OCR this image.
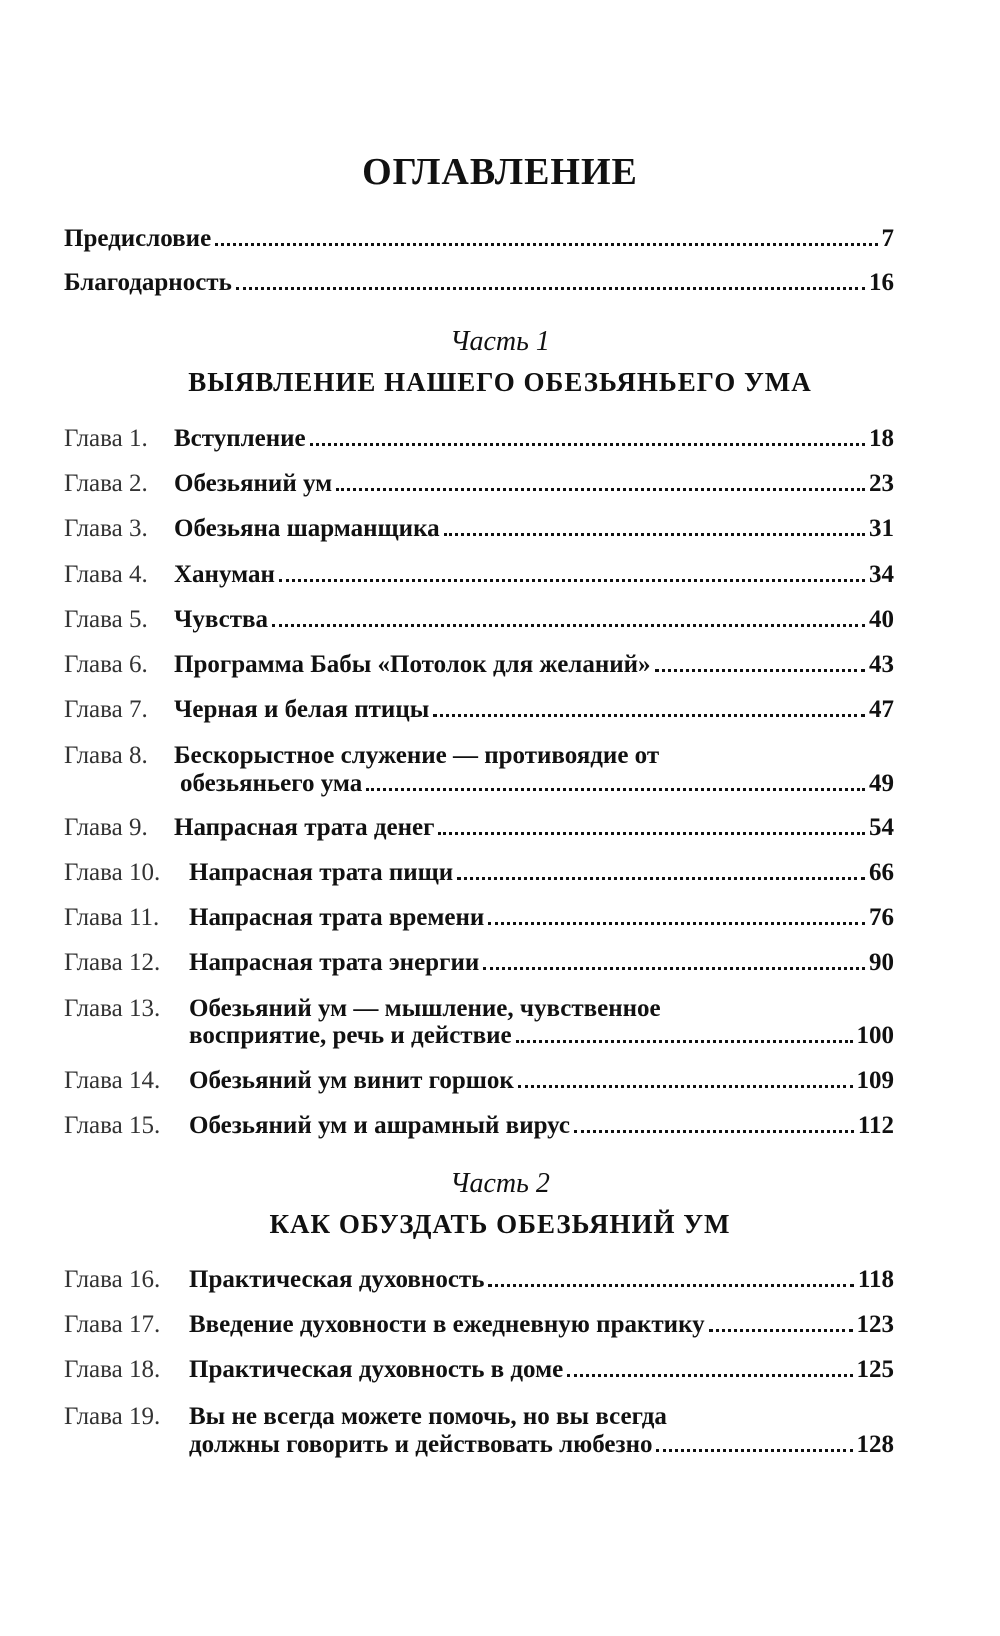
ОГЛАВЛЕНИЕ
Предисловие	7
Благодарность	16
Часть 1
ВЫЯВЛЕНИЕ НАШЕГО ОБЕЗЬЯНЬЕГО УМА
Глава 1.	Вступление	18
Глава 2.	Обезьяний ум	23
Глава 3.	Обезьяна шарманщика	31
Глава 4.	Хануман	34
Глава 5.	Чувства	40
Глава 6.	Программа Бабы «Потолок для желаний»	43
Глава 7.	Черная и белая птицы	47
Глава 8.	Бескорыстное служение — противоядие от
обезьяньего ума	49
Глава 9.	Напрасная трата денег	54
Глава 10.	Напрасная трата пищи	66
Глава 11.	Напрасная трата времени	76
Глава 12.	Напрасная трата энергии	90
Глава 13.	Обезьяний ум — мышление, чувственное
восприятие, речь и действие	100
Глава 14.	Обезьяний ум винит горшок	109
Глава 15.	Обезьяний ум и ашрамный вирус	112
Часть 2
КАК ОБУЗДАТЬ ОБЕЗЬЯНИЙ УМ
Глава 16.	Практическая духовность	118
Глава 17.	Введение духовности в ежедневную практику	123
Глава 18.	Практическая духовность в доме	125
Глава 19.	Вы не всегда можете помочь, но вы всегда
должны говорить и действовать любезно	128
